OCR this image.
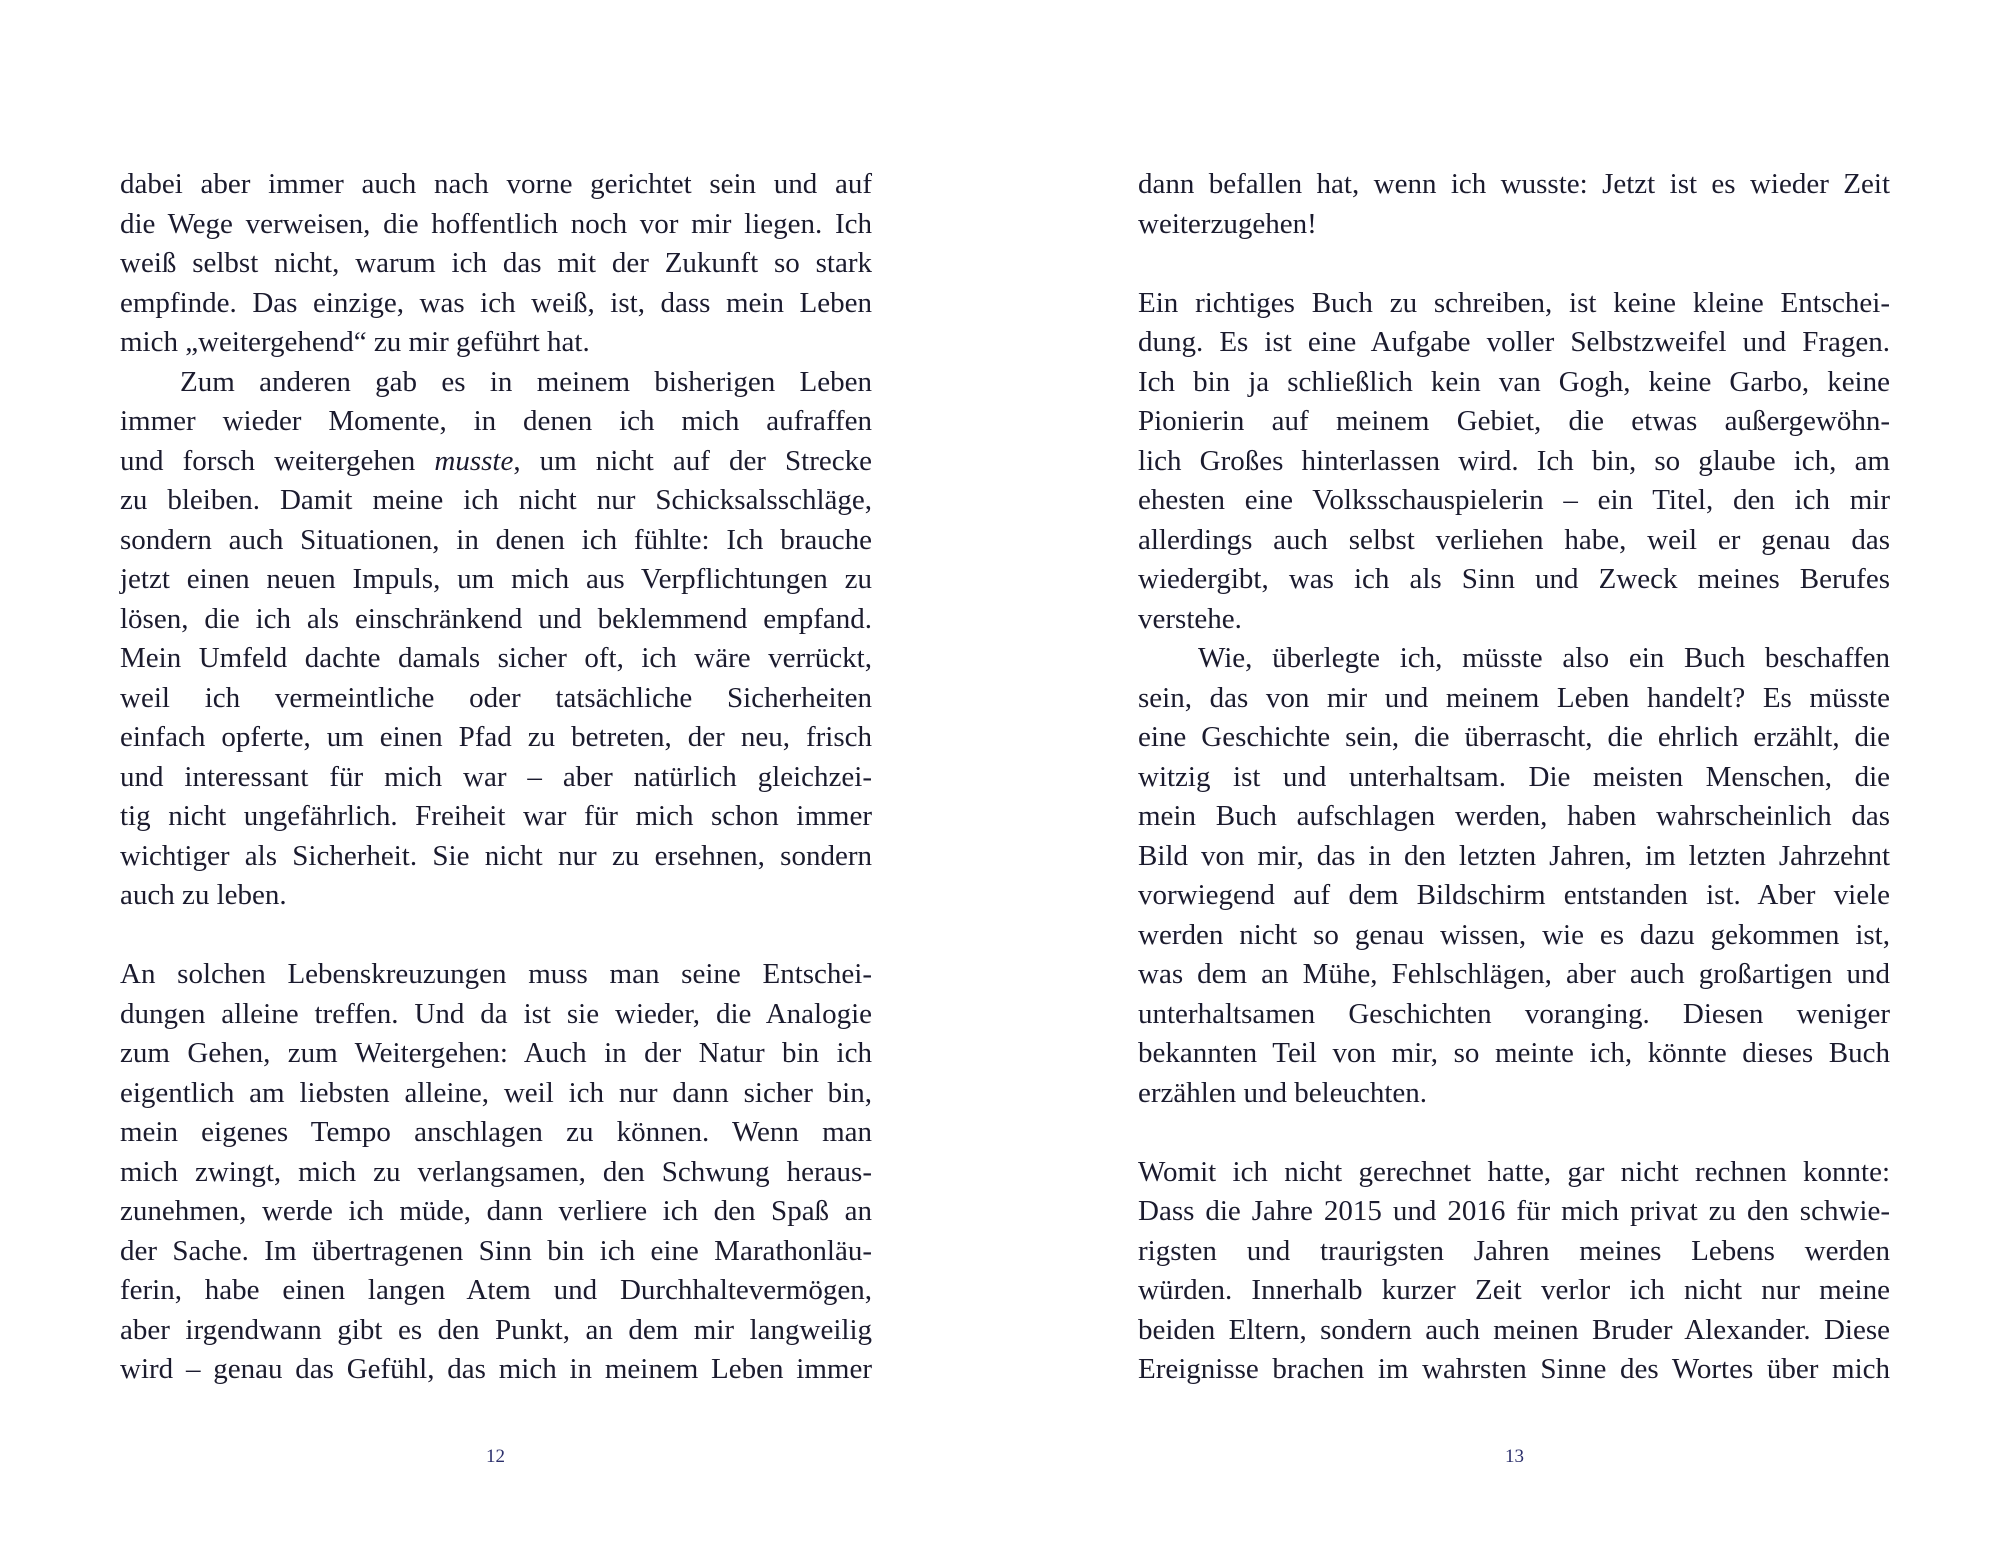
dabei aber immer auch nach vorne gerichtet sein und auf
die Wege verweisen, die hoffentlich noch vor mir liegen. Ich
weiß selbst nicht, warum ich das mit der Zukunft so stark
empfinde. Das einzige, was ich weiß, ist, dass mein Leben
mich „weitergehend“ zu mir geführt hat.
Zum anderen gab es in meinem bisherigen Leben
immer wieder Momente, in denen ich mich aufraffen
und forsch weitergehen musste, um nicht auf der Strecke
zu bleiben. Damit meine ich nicht nur Schicksalsschläge,
sondern auch Situationen, in denen ich fühlte: Ich brauche
jetzt einen neuen Impuls, um mich aus Verpflichtungen zu
lösen, die ich als einschränkend und beklemmend empfand.
Mein Umfeld dachte damals sicher oft, ich wäre verrückt,
weil ich vermeintliche oder tatsächliche Sicherheiten
einfach opferte, um einen Pfad zu betreten, der neu, frisch
und interessant für mich war – aber natürlich gleichzei-
tig nicht ungefährlich. Freiheit war für mich schon immer
wichtiger als Sicherheit. Sie nicht nur zu ersehnen, sondern
auch zu leben.
An solchen Lebenskreuzungen muss man seine Entschei-
dungen alleine treffen. Und da ist sie wieder, die Analogie
zum Gehen, zum Weitergehen: Auch in der Natur bin ich
eigentlich am liebsten alleine, weil ich nur dann sicher bin,
mein eigenes Tempo anschlagen zu können. Wenn man
mich zwingt, mich zu verlangsamen, den Schwung heraus-
zunehmen, werde ich müde, dann verliere ich den Spaß an
der Sache. Im übertragenen Sinn bin ich eine Marathonläu-
ferin, habe einen langen Atem und Durchhaltevermögen,
aber irgendwann gibt es den Punkt, an dem mir langweilig
wird – genau das Gefühl, das mich in meinem Leben immer
dann befallen hat, wenn ich wusste: Jetzt ist es wieder Zeit
weiterzugehen!
Ein richtiges Buch zu schreiben, ist keine kleine Entschei-
dung. Es ist eine Aufgabe voller Selbstzweifel und Fragen.
Ich bin ja schließlich kein van Gogh, keine Garbo, keine
Pionierin auf meinem Gebiet, die etwas außergewöhn-
lich Großes hinterlassen wird. Ich bin, so glaube ich, am
ehesten eine Volksschauspielerin – ein Titel, den ich mir
allerdings auch selbst verliehen habe, weil er genau das
wiedergibt, was ich als Sinn und Zweck meines Berufes
verstehe.
Wie, überlegte ich, müsste also ein Buch beschaffen
sein, das von mir und meinem Leben handelt? Es müsste
eine Geschichte sein, die überrascht, die ehrlich erzählt, die
witzig ist und unterhaltsam. Die meisten Menschen, die
mein Buch aufschlagen werden, haben wahrscheinlich das
Bild von mir, das in den letzten Jahren, im letzten Jahrzehnt
vorwiegend auf dem Bildschirm entstanden ist. Aber viele
werden nicht so genau wissen, wie es dazu gekommen ist,
was dem an Mühe, Fehlschlägen, aber auch großartigen und
unterhaltsamen Geschichten voranging. Diesen weniger
bekannten Teil von mir, so meinte ich, könnte dieses Buch
erzählen und beleuchten.
Womit ich nicht gerechnet hatte, gar nicht rechnen konnte:
Dass die Jahre 2015 und 2016 für mich privat zu den schwie-
rigsten und traurigsten Jahren meines Lebens werden
würden. Innerhalb kurzer Zeit verlor ich nicht nur meine
beiden Eltern, sondern auch meinen Bruder Alexander. Diese
Ereignisse brachen im wahrsten Sinne des Wortes über mich
12	13
